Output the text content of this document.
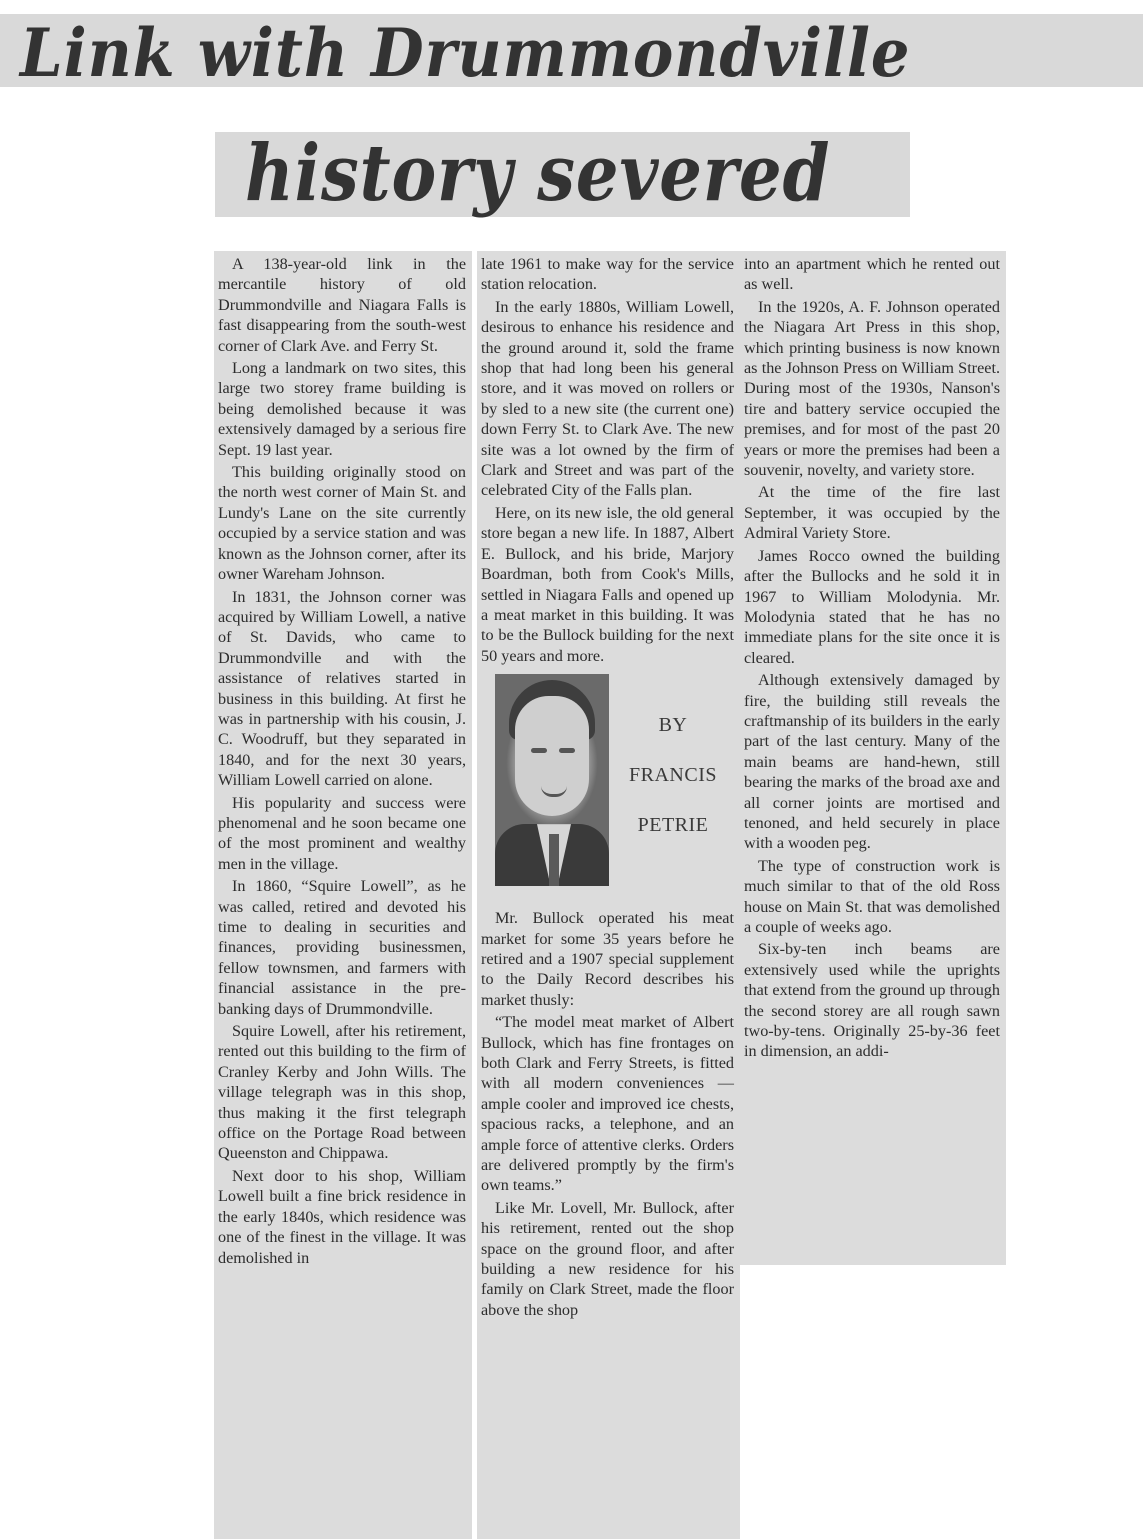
Link with Drummondville
history severed

A 138-year-old link in the mercantile history of old Drummondville and Niagara Falls is fast disappearing from the south-west corner of Clark Ave. and Ferry St.

Long a landmark on two sites, this large two storey frame building is being demolished because it was extensively damaged by a serious fire Sept. 19 last year.

This building originally stood on the north west corner of Main St. and Lundy's Lane on the site currently occupied by a service station and was known as the Johnson corner, after its owner Wareham Johnson.

In 1831, the Johnson corner was acquired by William Lowell, a native of St. Davids, who came to Drummondville and with the assistance of relatives started in business in this building. At first he was in partnership with his cousin, J. C. Woodruff, but they separated in 1840, and for the next 30 years, William Lowell carried on alone.

His popularity and success were phenomenal and he soon became one of the most prominent and wealthy men in the village.

In 1860, “Squire Lowell”, as he was called, retired and devoted his time to dealing in securities and finances, providing businessmen, fellow townsmen, and farmers with financial assistance in the pre-banking days of Drummondville.

Squire Lowell, after his retirement, rented out this building to the firm of Cranley Kerby and John Wills. The village telegraph was in this shop, thus making it the first telegraph office on the Portage Road between Queenston and Chippawa.

Next door to his shop, William Lowell built a fine brick residence in the early 1840s, which residence was one of the finest in the village. It was demolished in

late 1961 to make way for the service station relocation.

In the early 1880s, William Lowell, desirous to enhance his residence and the ground around it, sold the frame shop that had long been his general store, and it was moved on rollers or by sled to a new site (the current one) down Ferry St. to Clark Ave. The new site was a lot owned by the firm of Clark and Street and was part of the celebrated City of the Falls plan.

Here, on its new isle, the old general store began a new life. In 1887, Albert E. Bullock, and his bride, Marjory Boardman, both from Cook's Mills, settled in Niagara Falls and opened up a meat market in this building. It was to be the Bullock building for the next 50 years and more.

BY
FRANCIS
PETRIE

Mr. Bullock operated his meat market for some 35 years before he retired and a 1907 special supplement to the Daily Record describes his market thusly:

“The model meat market of Albert Bullock, which has fine frontages on both Clark and Ferry Streets, is fitted with all modern conveniences — ample cooler and improved ice chests, spacious racks, a telephone, and an ample force of attentive clerks. Orders are delivered promptly by the firm's own teams.”

Like Mr. Lovell, Mr. Bullock, after his retirement, rented out the shop space on the ground floor, and after building a new residence for his family on Clark Street, made the floor above the shop

into an apartment which he rented out as well.

In the 1920s, A. F. Johnson operated the Niagara Art Press in this shop, which printing business is now known as the Johnson Press on William Street. During most of the 1930s, Nanson's tire and battery service occupied the premises, and for most of the past 20 years or more the premises had been a souvenir, novelty, and variety store.

At the time of the fire last September, it was occupied by the Admiral Variety Store.

James Rocco owned the building after the Bullocks and he sold it in 1967 to William Molodynia. Mr. Molodynia stated that he has no immediate plans for the site once it is cleared.

Although extensively damaged by fire, the building still reveals the craftmanship of its builders in the early part of the last century. Many of the main beams are hand-hewn, still bearing the marks of the broad axe and all corner joints are mortised and tenoned, and held securely in place with a wooden peg.

The type of construction work is much similar to that of the old Ross house on Main St. that was demolished a couple of weeks ago.

Six-by-ten inch beams are extensively used while the uprights that extend from the ground up through the second storey are all rough sawn two-by-tens. Originally 25-by-36 feet in dimension, an addi-
